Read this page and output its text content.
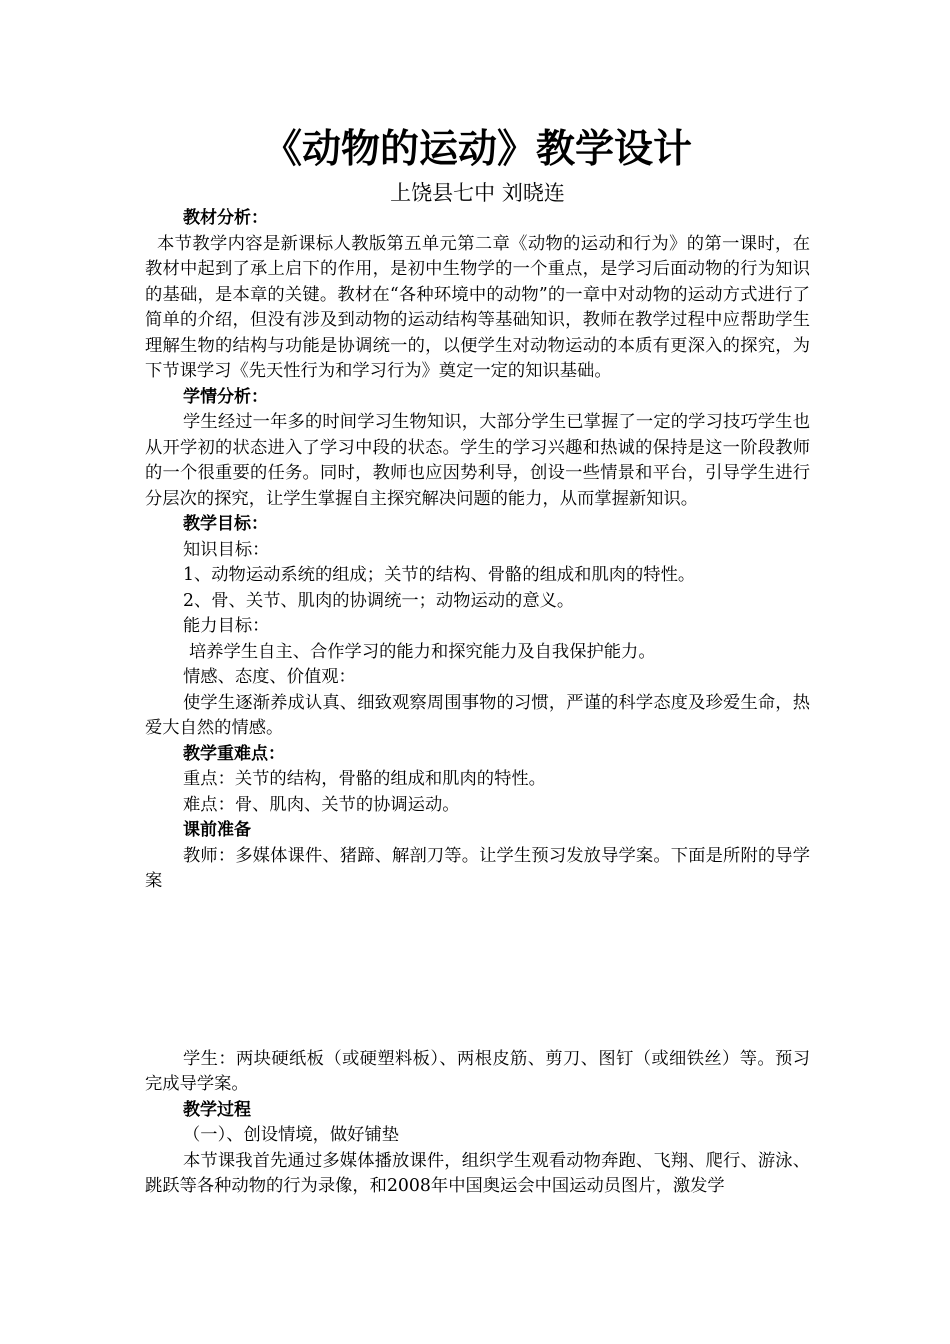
《动物的运动》教学设计

上饶县七中 刘晓连

教材分析：

本节教学内容是新课标人教版第五单元第二章《动物的运动和行为》的第一课时，在教材中起到了承上启下的作用，是初中生物学的一个重点，是学习后面动物的行为知识的基础，是本章的关键。教材在“各种环境中的动物”的一章中对动物的运动方式进行了简单的介绍，但没有涉及到动物的运动结构等基础知识，教师在教学过程中应帮助学生理解生物的结构与功能是协调统一的，以便学生对动物运动的本质有更深入的探究，为下节课学习《先天性行为和学习行为》奠定一定的知识基础。

学情分析：

学生经过一年多的时间学习生物知识，大部分学生已掌握了一定的学习技巧学生也从开学初的状态进入了学习中段的状态。学生的学习兴趣和热诚的保持是这一阶段教师的一个很重要的任务。同时，教师也应因势利导，创设一些情景和平台，引导学生进行分层次的探究，让学生掌握自主探究解决问题的能力，从而掌握新知识。

教学目标：

知识目标：

1、动物运动系统的组成；关节的结构、骨骼的组成和肌肉的特性。

2、骨、关节、肌肉的协调统一；动物运动的意义。

能力目标：

培养学生自主、合作学习的能力和探究能力及自我保护能力。

情感、态度、价值观：

使学生逐渐养成认真、细致观察周围事物的习惯，严谨的科学态度及珍爱生命，热爱大自然的情感。

教学重难点：

重点：关节的结构，骨骼的组成和肌肉的特性。

难点：骨、肌肉、关节的协调运动。

课前准备

教师：多媒体课件、猪蹄、解剖刀等。让学生预习发放导学案。下面是所附的导学案

学生：两块硬纸板（或硬塑料板）、两根皮筋、剪刀、图钉（或细铁丝）等。预习完成导学案。

教学过程

（一）、创设情境，做好铺垫

本节课我首先通过多媒体播放课件，组织学生观看动物奔跑、飞翔、爬行、游泳、跳跃等各种动物的行为录像，和2008年中国奥运会中国运动员图片，激发学
